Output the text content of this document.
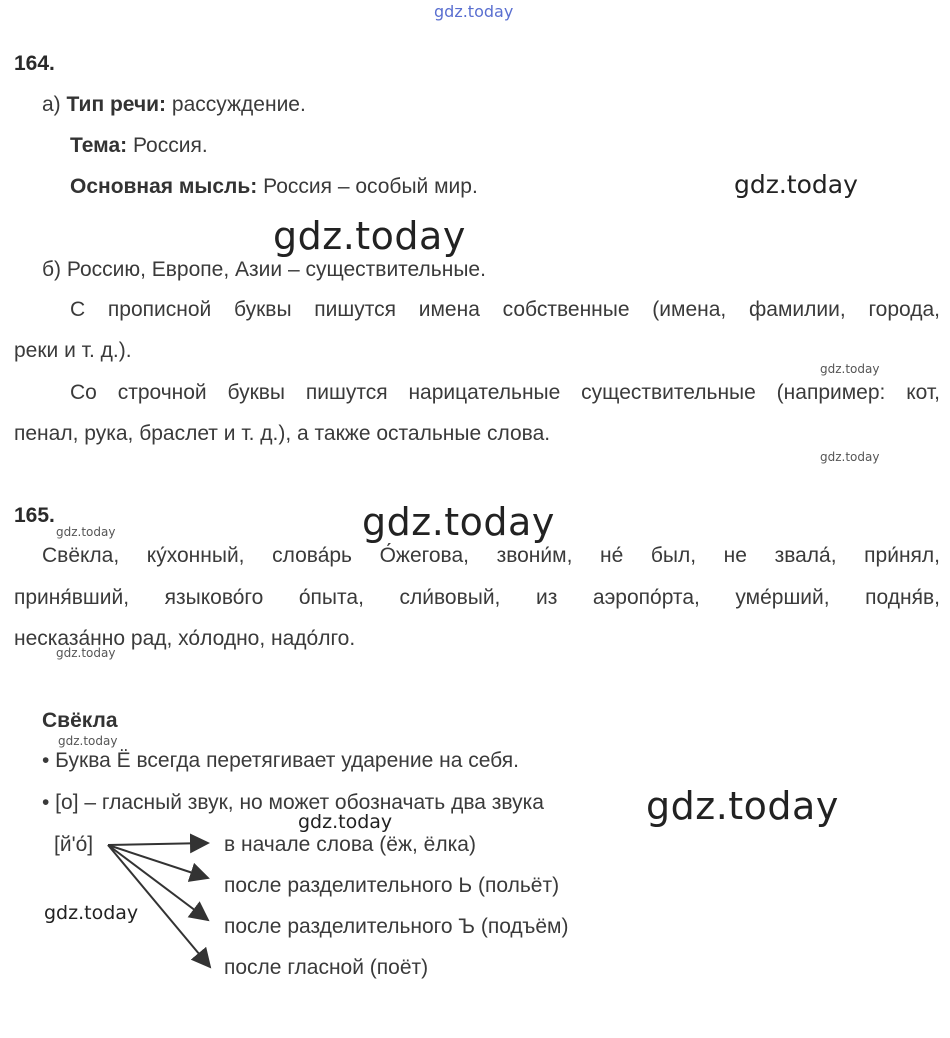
gdz.today
164.
а) Тип речи: рассуждение.
Тема: Россия.
Основная мысль: Россия – особый мир.	gdz.today
gdz.today
б) Россию, Европе, Азии – существительные.
С прописной буквы пишутся имена собственные (имена, фамилии, города,
реки и т. д.).
gdz.today
Со строчной буквы пишутся нарицательные существительные (например: кот,
пенал, рука, браслет и т. д.), а также остальные слова.
gdz.today
165.	gdz.today
gdz.today
Свёкла, ку́хонный, слова́рь О́жегова, звони́м, не́ был, не звала́, при́нял,
приня́вший, языково́го о́пыта, сли́вовый, из аэропо́рта, уме́рший, подня́в,
несказа́нно рад, хо́лодно, надо́лго.
gdz.today
Свёкла
gdz.today
• Буква Ё всегда перетягивает ударение на себя.
• [о] – гласный звук, но может обозначать два звука	gdz.today
gdz.today
[й'о́]	в начале слова (ёж, ёлка)
после разделительного Ь (польёт)
после разделительного Ъ (подъём)
после гласной (поёт)
gdz.today
